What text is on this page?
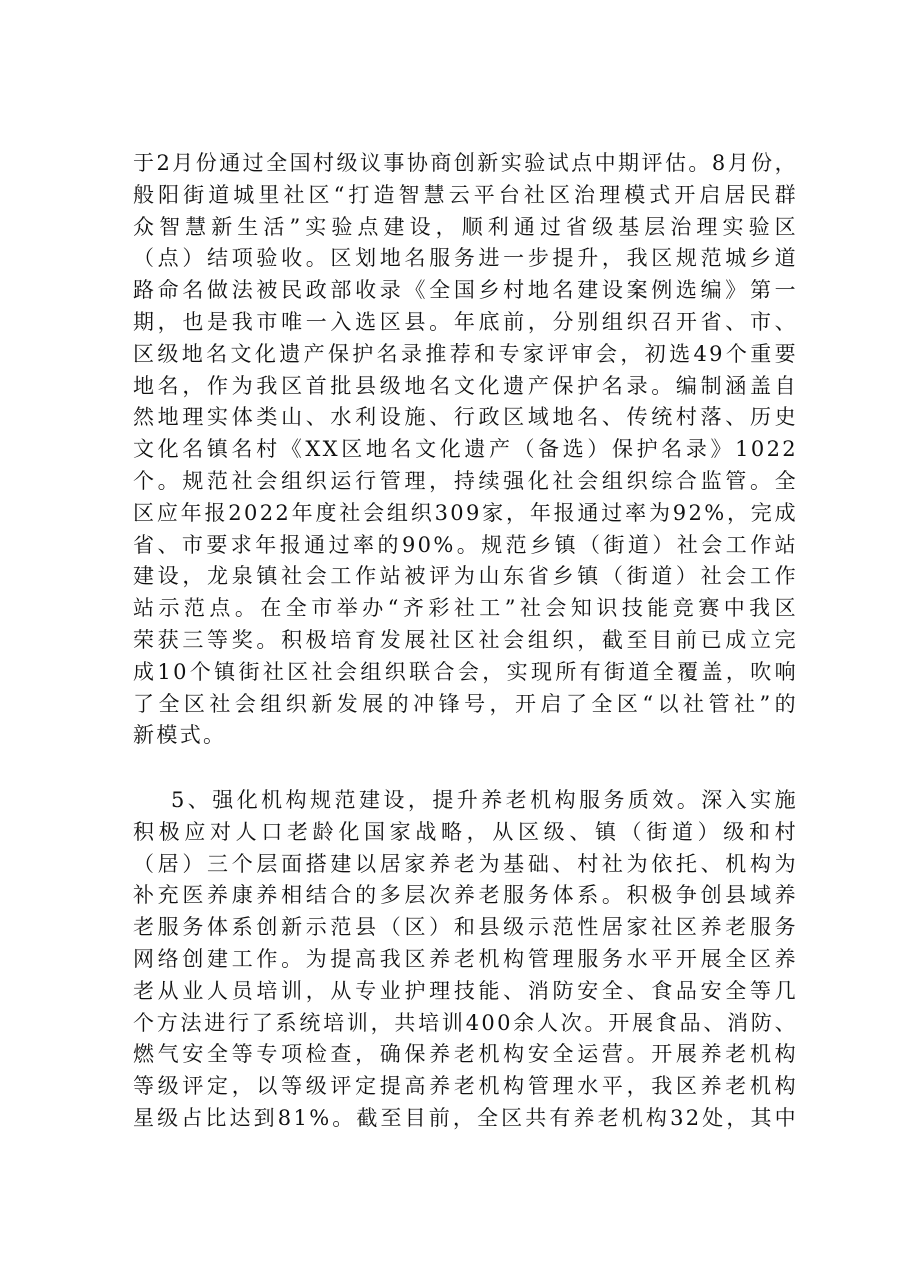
于2月份通过全国村级议事协商创新实验试点中期评估。8月份，
般阳街道城里社区“打造智慧云平台社区治理模式开启居民群
众智慧新生活”实验点建设，顺利通过省级基层治理实验区
（点）结项验收。区划地名服务进一步提升，我区规范城乡道
路命名做法被民政部收录《全国乡村地名建设案例选编》第一
期，也是我市唯一入选区县。年底前，分别组织召开省、市、
区级地名文化遗产保护名录推荐和专家评审会，初选49个重要
地名，作为我区首批县级地名文化遗产保护名录。编制涵盖自
然地理实体类山、水利设施、行政区域地名、传统村落、历史
文化名镇名村《XX区地名文化遗产（备选）保护名录》1022
个。规范社会组织运行管理，持续强化社会组织综合监管。全
区应年报2022年度社会组织309家，年报通过率为92%，完成
省、市要求年报通过率的90%。规范乡镇（街道）社会工作站
建设，龙泉镇社会工作站被评为山东省乡镇（街道）社会工作
站示范点。在全市举办“齐彩社工”社会知识技能竞赛中我区
荣获三等奖。积极培育发展社区社会组织，截至目前已成立完
成10个镇街社区社会组织联合会，实现所有街道全覆盖，吹响
了全区社会组织新发展的冲锋号，开启了全区“以社管社”的
新模式。
5、强化机构规范建设，提升养老机构服务质效。深入实施
积极应对人口老龄化国家战略，从区级、镇（街道）级和村
（居）三个层面搭建以居家养老为基础、村社为依托、机构为
补充医养康养相结合的多层次养老服务体系。积极争创县域养
老服务体系创新示范县（区）和县级示范性居家社区养老服务
网络创建工作。为提高我区养老机构管理服务水平开展全区养
老从业人员培训，从专业护理技能、消防安全、食品安全等几
个方法进行了系统培训，共培训400余人次。开展食品、消防、
燃气安全等专项检查，确保养老机构安全运营。开展养老机构
等级评定，以等级评定提高养老机构管理水平，我区养老机构
星级占比达到81%。截至目前，全区共有养老机构32处，其中
